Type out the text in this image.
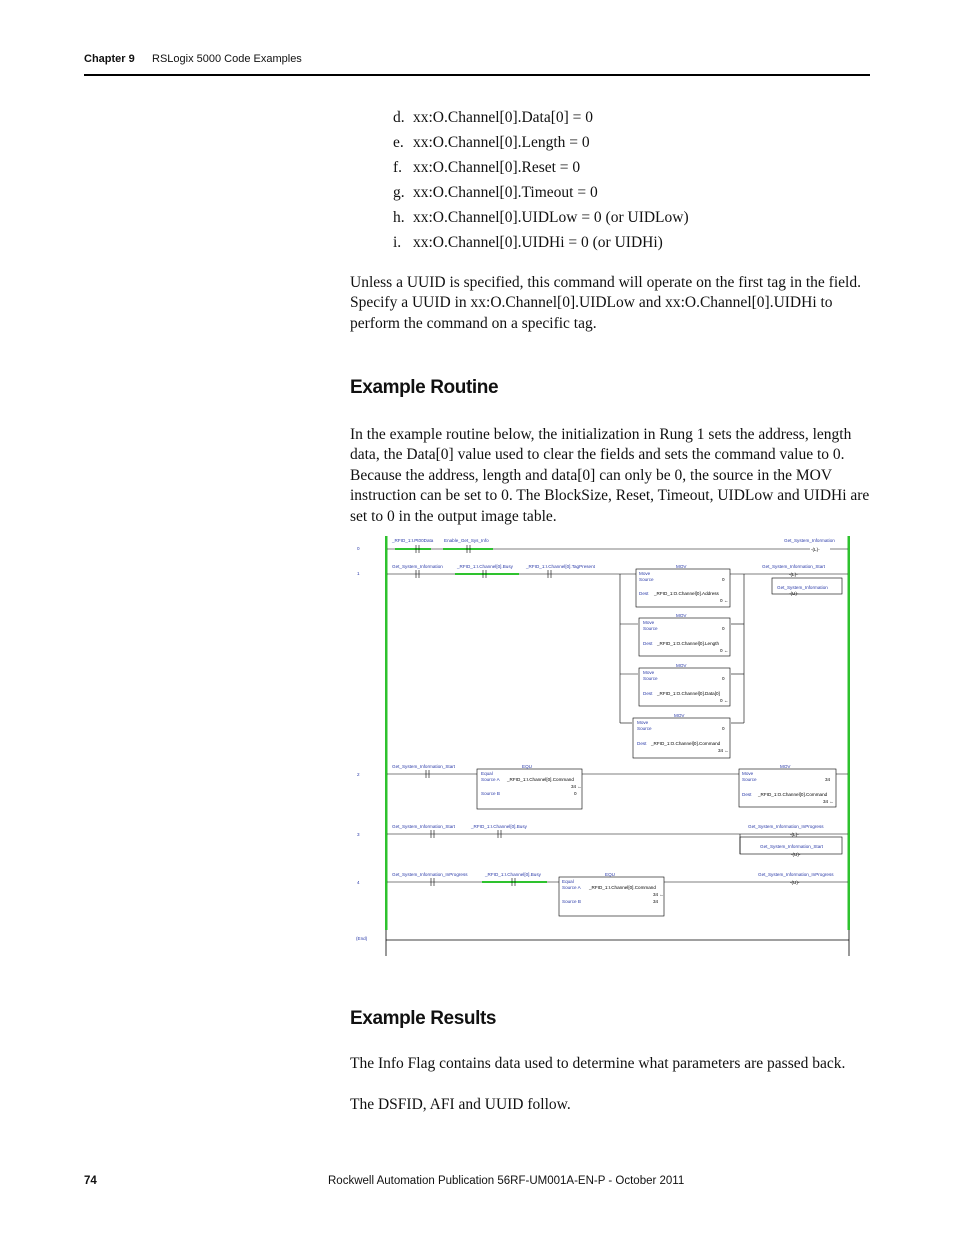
Chapter 9 RSLogix 5000 Code Examples
d. xx:O.Channel[0].Data[0] = 0
e. xx:O.Channel[0].Length = 0
f. xx:O.Channel[0].Reset = 0
g. xx:O.Channel[0].Timeout = 0
h. xx:O.Channel[0].UIDLow = 0 (or UIDLow)
i. xx:O.Channel[0].UIDHi = 0 (or UIDHi)

Unless a UUID is specified, this command will operate on the first tag in the field. Specify a UUID in xx:O.Channel[0].UIDLow and xx:O.Channel[0].UIDHi to perform the command on a specific tag.

Example Routine

In the example routine below, the initialization in Rung 1 sets the address, length data, the Data[0] value used to clear the fields and sets the command value to 0. Because the address, length and data[0] can only be 0, the source in the MOV instruction can be set to 0. The BlockSize, Reset, Timeout, UIDLow and UIDHi are set to 0 in the output image table.

0
1
2
3
4
(End)
_RFID_1:I.Pt00Data Enable_Get_Sys_Info	Get_System_Information
-(L)-
Get_System_Information	_RFID_1:I.Channel[0].Busy	_RFID_1:I.Channel[0].TagPresent	Get_System_Information_Start
-(L)-
Get_System_Information
-(U)-
MOV
Move
Source	0
Dest _RFID_1:O.Channel[0].Address
0 ←
MOV
Move
Source	0
Dest _RFID_1:O.Channel[0].Length
0 ←
MOV
Move
Source	0
Dest _RFID_1:O.Channel[0].Data[0]
0 ←
MOV
Move
Source	0
Dest _RFID_1:O.Channel[0].Command
34 ←
Get_System_Information_Start	EQU
Equal
Source A _RFID_1:I.Channel[0].Command
34 ←
Source B	0
MOV
Move
Source	34
Dest _RFID_1:O.Channel[0].Command
34 ←
Get_System_Information_Start	_RFID_1:I.Channel[0].Busy	Get_System_Information_InProgress
-(L)-
Get_System_Information_Start
-(U)-
Get_System_Information_InProgress	_RFID_1:I.Channel[0].Busy	EQU
Equal
Source A _RFID_1:I.Channel[0].Command
34 ←
Source B	34
Get_System_Information_InProgress
-(U)-
Example Results

The Info Flag contains data used to determine what parameters are passed back.

The DSFID, AFI and UUID follow.

74	Rockwell Automation Publication 56RF-UM001A-EN-P - October 2011
